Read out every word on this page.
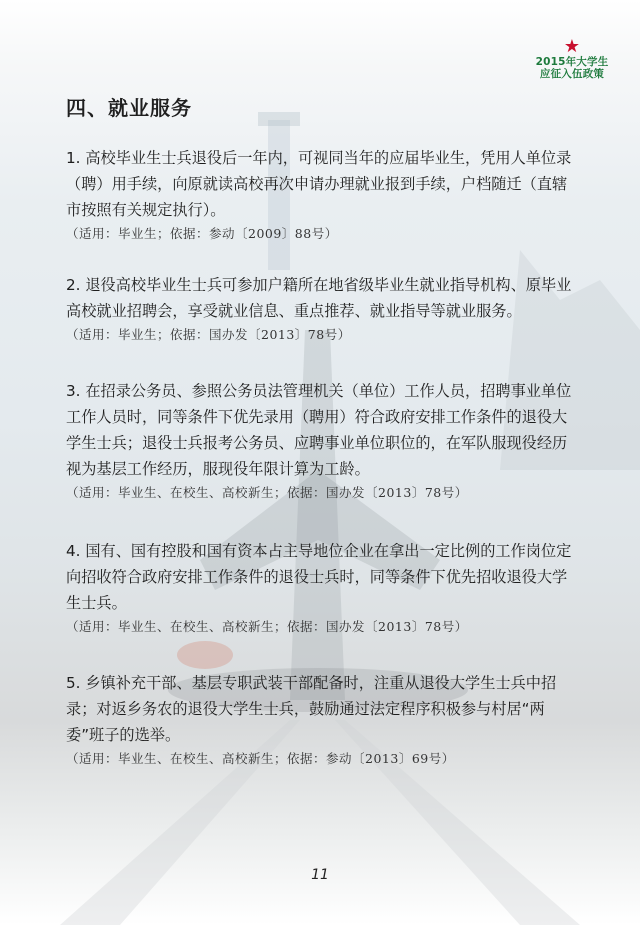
★
2015年大学生
应征入伍政策
四、就业服务
1. 高校毕业生士兵退役后一年内，可视同当年的应届毕业生，凭用人单位录（聘）用手续，向原就读高校再次申请办理就业报到手续，户档随迁（直辖市按照有关规定执行）。
（适用：毕业生；依据：参动〔2009〕88号）
2. 退役高校毕业生士兵可参加户籍所在地省级毕业生就业指导机构、原毕业高校就业招聘会，享受就业信息、重点推荐、就业指导等就业服务。
（适用：毕业生；依据：国办发〔2013〕78号）
3. 在招录公务员、参照公务员法管理机关（单位）工作人员，招聘事业单位工作人员时，同等条件下优先录用（聘用）符合政府安排工作条件的退役大学生士兵；退役士兵报考公务员、应聘事业单位职位的，在军队服现役经历视为基层工作经历，服现役年限计算为工龄。
（适用：毕业生、在校生、高校新生；依据：国办发〔2013〕78号）
4. 国有、国有控股和国有资本占主导地位企业在拿出一定比例的工作岗位定向招收符合政府安排工作条件的退役士兵时，同等条件下优先招收退役大学生士兵。
（适用：毕业生、在校生、高校新生；依据：国办发〔2013〕78号）
5. 乡镇补充干部、基层专职武装干部配备时，注重从退役大学生士兵中招录；对返乡务农的退役大学生士兵，鼓励通过法定程序积极参与村居“两委”班子的选举。
（适用：毕业生、在校生、高校新生；依据：参动〔2013〕69号）
11
